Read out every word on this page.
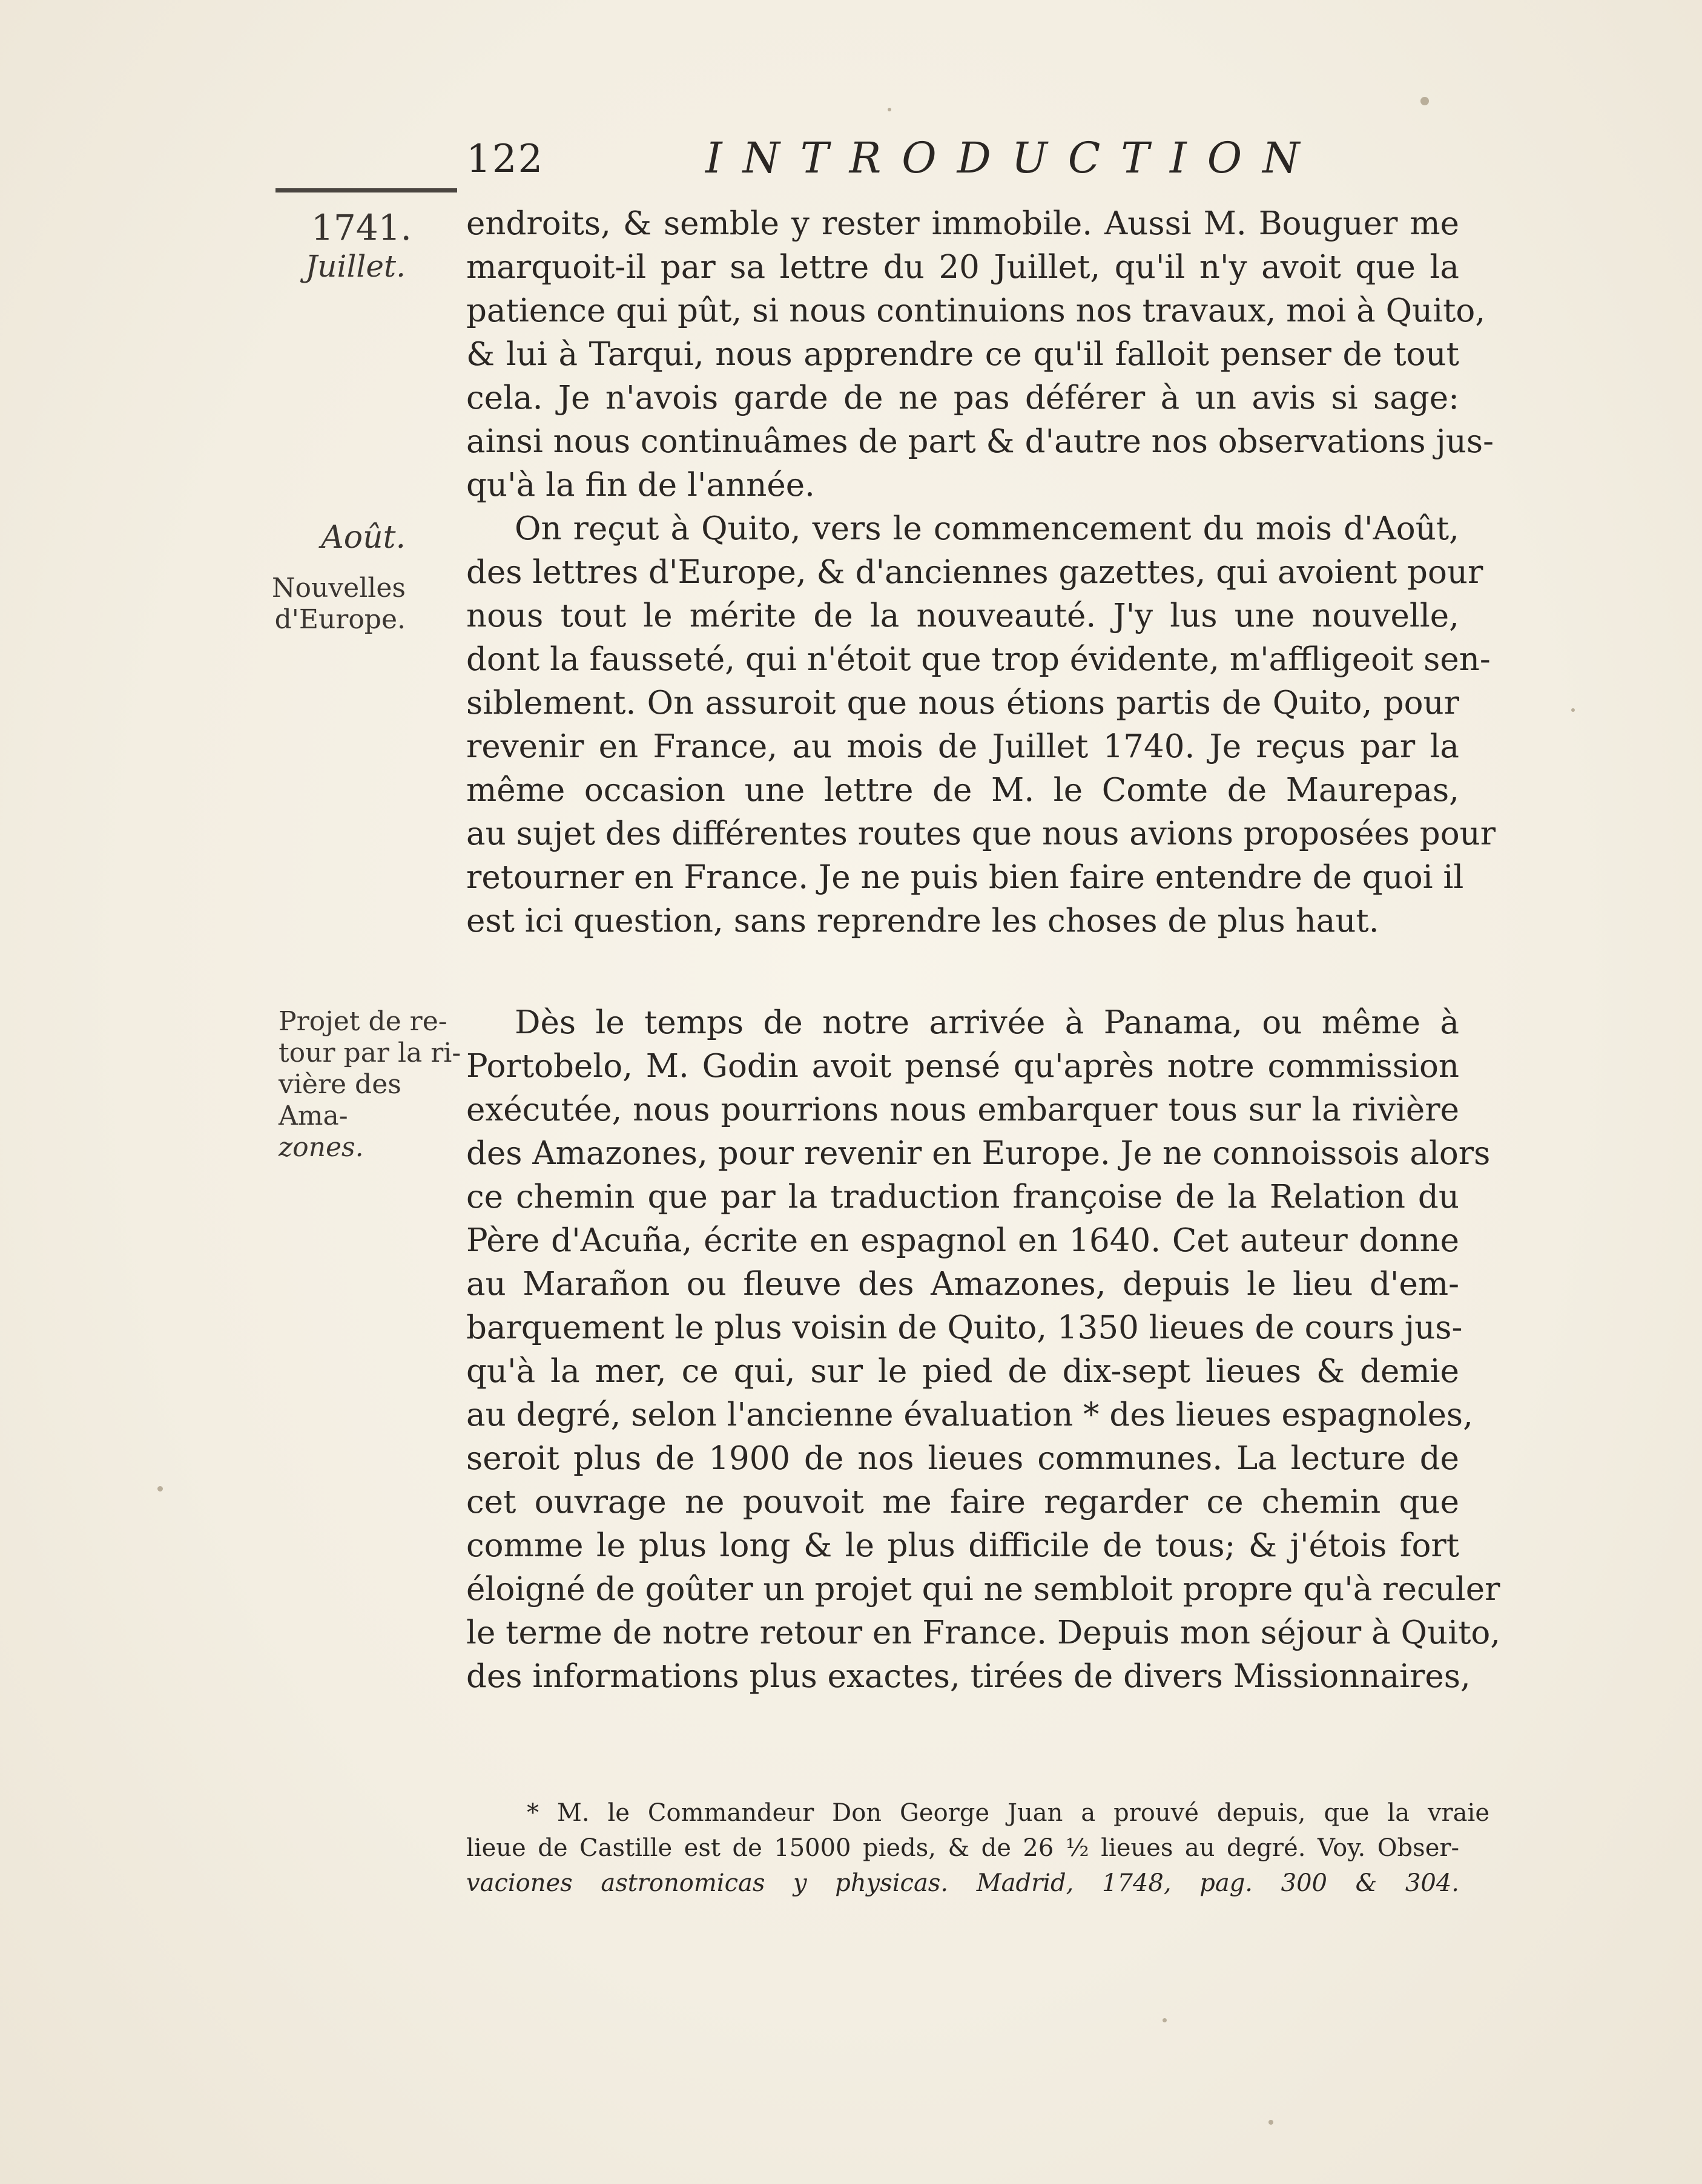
122	INTRODUCTION
1741.
Juillet.
Août.
Nouvelles
d'Europe.
Projet de re-
tour par la ri-
vière des Ama-
zones.
endroits, & semble y rester immobile. Aussi M. Bouguer me
marquoit-il par sa lettre du 20 Juillet, qu'il n'y avoit que la
patience qui pût, si nous continuions nos travaux, moi à Quito,
& lui à Tarqui, nous apprendre ce qu'il falloit penser de tout
cela. Je n'avois garde de ne pas déférer à un avis si sage:
ainsi nous continuâmes de part & d'autre nos observations jus-
qu'à la fin de l'année.
On reçut à Quito, vers le commencement du mois d'Août,
des lettres d'Europe, & d'anciennes gazettes, qui avoient pour
nous tout le mérite de la nouveauté. J'y lus une nouvelle,
dont la fausseté, qui n'étoit que trop évidente, m'affligeoit sen-
siblement. On assuroit que nous étions partis de Quito, pour
revenir en France, au mois de Juillet 1740. Je reçus par la
même occasion une lettre de M. le Comte de Maurepas,
au sujet des différentes routes que nous avions proposées pour
retourner en France. Je ne puis bien faire entendre de quoi il
est ici question, sans reprendre les choses de plus haut.
Dès le temps de notre arrivée à Panama, ou même à
Portobelo, M. Godin avoit pensé qu'après notre commission
exécutée, nous pourrions nous embarquer tous sur la rivière
des Amazones, pour revenir en Europe. Je ne connoissois alors
ce chemin que par la traduction françoise de la Relation du
Père d'Acuña, écrite en espagnol en 1640. Cet auteur donne
au Marañon ou fleuve des Amazones, depuis le lieu d'em-
barquement le plus voisin de Quito, 1350 lieues de cours jus-
qu'à la mer, ce qui, sur le pied de dix-sept lieues & demie
au degré, selon l'ancienne évaluation * des lieues espagnoles,
seroit plus de 1900 de nos lieues communes. La lecture de
cet ouvrage ne pouvoit me faire regarder ce chemin que
comme le plus long & le plus difficile de tous; & j'étois fort
éloigné de goûter un projet qui ne sembloit propre qu'à reculer
le terme de notre retour en France. Depuis mon séjour à Quito,
des informations plus exactes, tirées de divers Missionnaires,
* M. le Commandeur Don George Juan a prouvé depuis, que la vraie
lieue de Castille est de 15000 pieds, & de 26 ½ lieues au degré. Voy. Obser-
vaciones astronomicas y physicas. Madrid, 1748, pag. 300 & 304.
